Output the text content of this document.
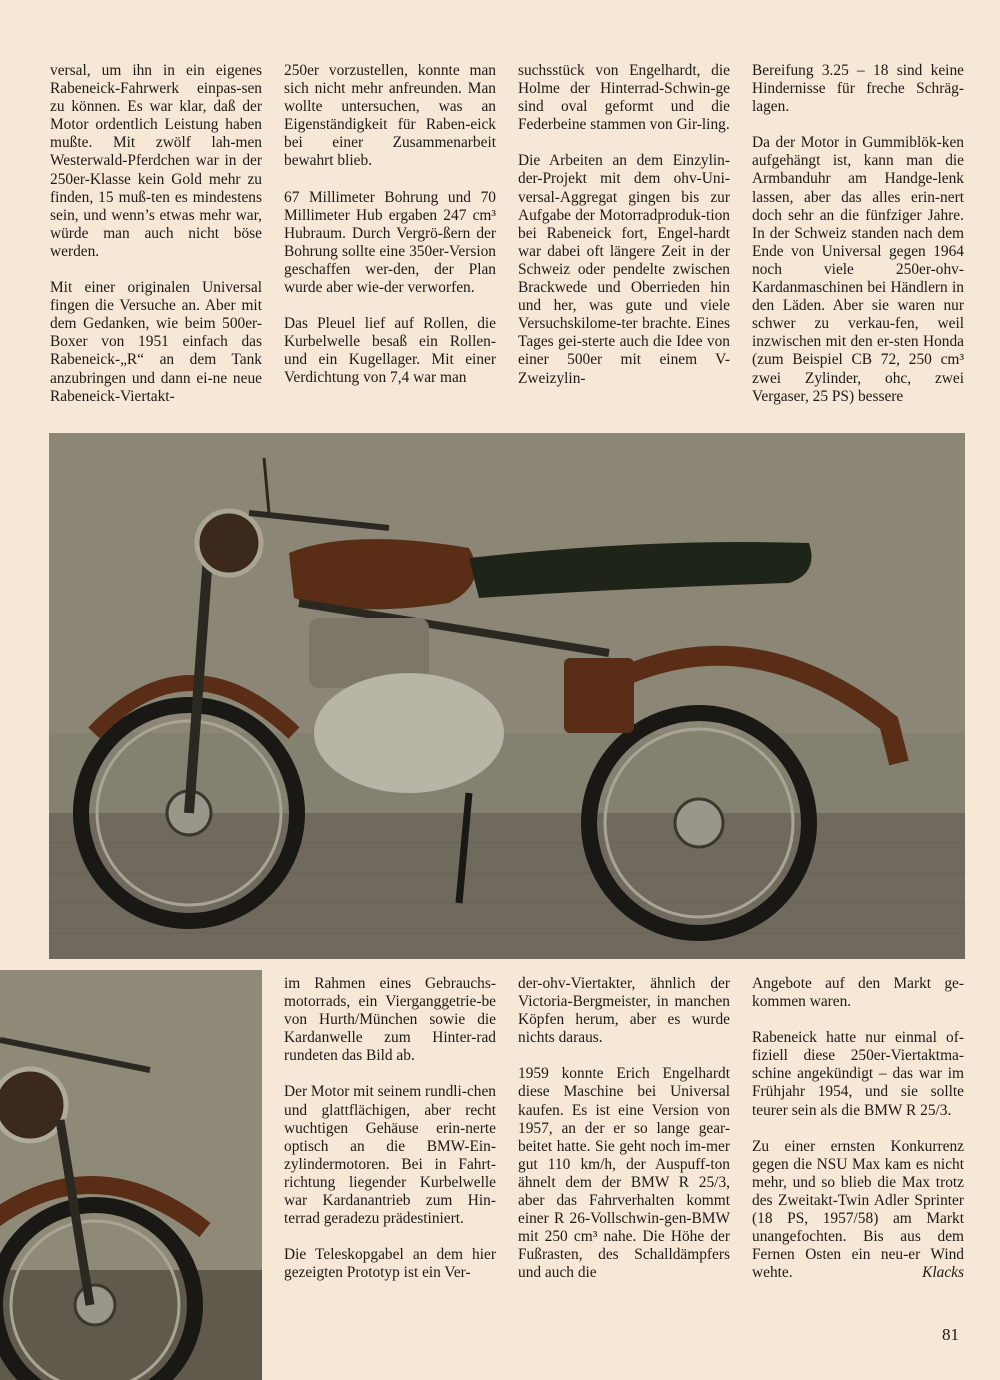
versal, um ihn in ein eigenes Rabeneick-Fahrwerk einpas-sen zu können. Es war klar, daß der Motor ordentlich Leistung haben mußte. Mit zwölf lah-men Westerwald-Pferdchen war in der 250er-Klasse kein Gold mehr zu finden, 15 muß-ten es mindestens sein, und wenn’s etwas mehr war, würde man auch nicht böse werden.

Mit einer originalen Universal fingen die Versuche an. Aber mit dem Gedanken, wie beim 500er-Boxer von 1951 einfach das Rabeneick-„R“ an dem Tank anzubringen und dann ei-ne neue Rabeneick-Viertakt-

250er vorzustellen, konnte man sich nicht mehr anfreunden. Man wollte untersuchen, was an Eigenständigkeit für Raben-eick bei einer Zusammenarbeit bewahrt blieb.

67 Millimeter Bohrung und 70 Millimeter Hub ergaben 247 cm³ Hubraum. Durch Vergrö-ßern der Bohrung sollte eine 350er-Version geschaffen wer-den, der Plan wurde aber wie-der verworfen.

Das Pleuel lief auf Rollen, die Kurbelwelle besaß ein Rollen- und ein Kugellager. Mit einer Verdichtung von 7,4 war man

suchsstück von Engelhardt, die Holme der Hinterrad-Schwin-ge sind oval geformt und die Federbeine stammen von Gir-ling.

Die Arbeiten an dem Einzylin-der-Projekt mit dem ohv-Uni-versal-Aggregat gingen bis zur Aufgabe der Motorradproduk-tion bei Rabeneick fort, Engel-hardt war dabei oft längere Zeit in der Schweiz oder pendelte zwischen Brackwede und Oberrieden hin und her, was gute und viele Versuchskilome-ter brachte. Eines Tages gei-sterte auch die Idee von einer 500er mit einem V-Zweizylin-

Bereifung 3.25 – 18 sind keine Hindernisse für freche Schräg-lagen.

Da der Motor in Gummiblök-ken aufgehängt ist, kann man die Armbanduhr am Handge-lenk lassen, aber das alles erin-nert doch sehr an die fünfziger Jahre. In der Schweiz standen nach dem Ende von Universal gegen 1964 noch viele 250er-ohv-Kardanmaschinen bei Händlern in den Läden. Aber sie waren nur schwer zu verkau-fen, weil inzwischen mit den er-sten Honda (zum Beispiel CB 72, 250 cm³ zwei Zylinder, ohc, zwei Vergaser, 25 PS) bessere

im Rahmen eines Gebrauchs-motorrads, ein Vierganggetrie-be von Hurth/München sowie die Kardanwelle zum Hinter-rad rundeten das Bild ab.

Der Motor mit seinem rundli-chen und glattflächigen, aber recht wuchtigen Gehäuse erin-nerte optisch an die BMW-Ein-zylindermotoren. Bei in Fahrt-richtung liegender Kurbelwelle war Kardanantrieb zum Hin-terrad geradezu prädestiniert.

Die Teleskopgabel an dem hier gezeigten Prototyp ist ein Ver-

der-ohv-Viertakter, ähnlich der Victoria-Bergmeister, in manchen Köpfen herum, aber es wurde nichts daraus.

1959 konnte Erich Engelhardt diese Maschine bei Universal kaufen. Es ist eine Version von 1957, an der er so lange gear-beitet hatte. Sie geht noch im-mer gut 110 km/h, der Auspuff-ton ähnelt dem der BMW R 25/3, aber das Fahrverhalten kommt einer R 26-Vollschwin-gen-BMW mit 250 cm³ nahe. Die Höhe der Fußrasten, des Schalldämpfers und auch die

Angebote auf den Markt ge-kommen waren.

Rabeneick hatte nur einmal of-fiziell diese 250er-Viertaktma-schine angekündigt – das war im Frühjahr 1954, und sie sollte teurer sein als die BMW R 25/3.

Zu einer ernsten Konkurrenz gegen die NSU Max kam es nicht mehr, und so blieb die Max trotz des Zweitakt-Twin Adler Sprinter (18 PS, 1957/58) am Markt unangefochten. Bis aus dem Fernen Osten ein neu-er Wind wehte.	Klacks

81
